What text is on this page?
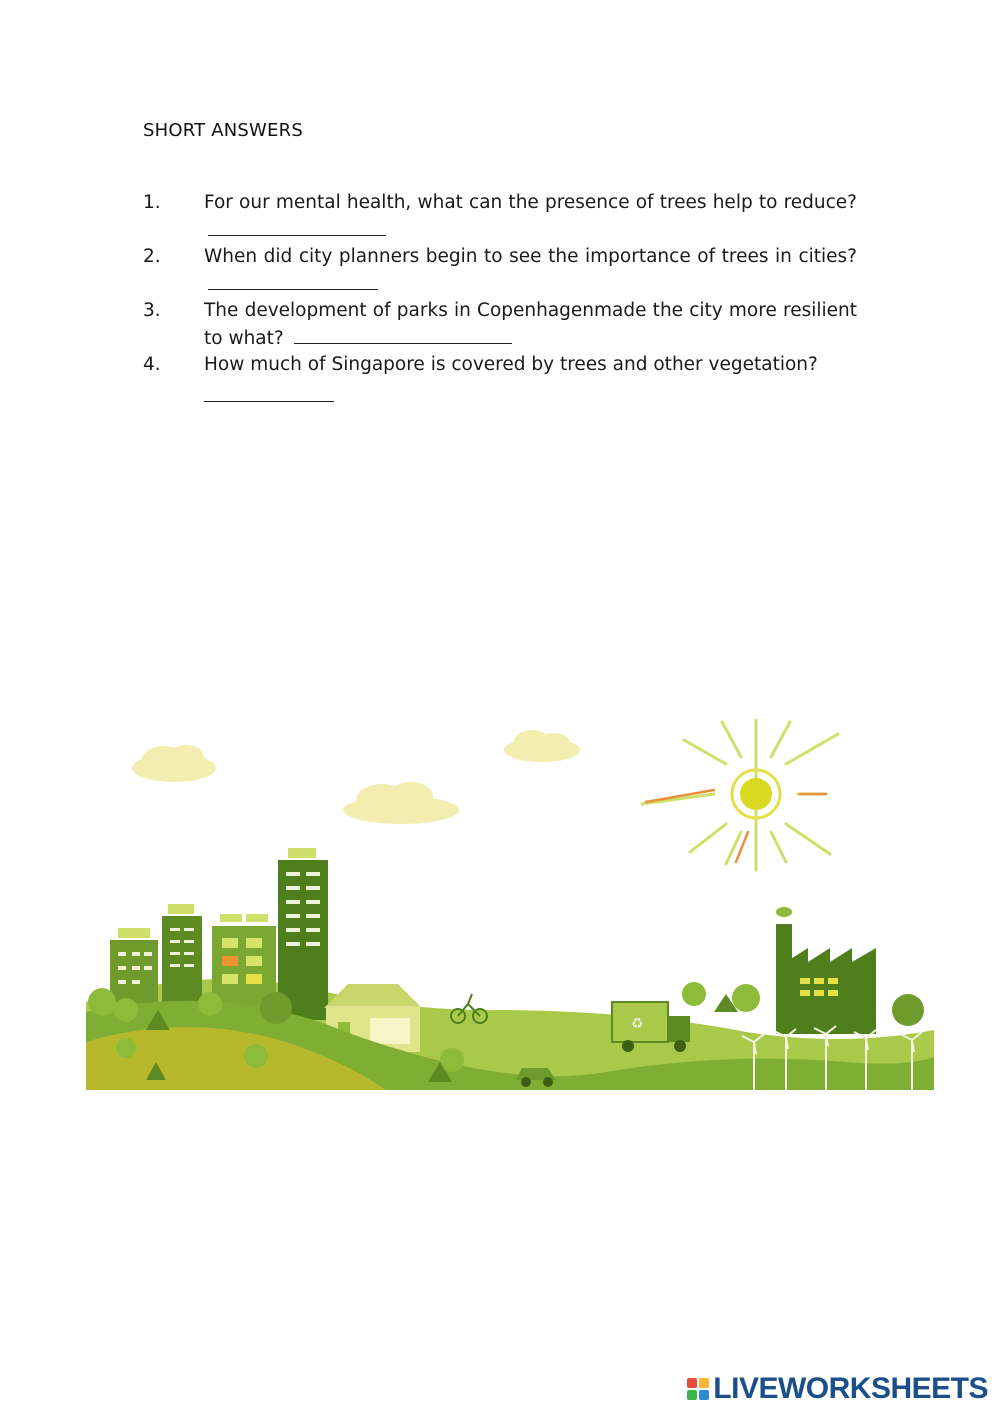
SHORT ANSWERS
1. For our mental health, what can the presence of trees help to reduce?
2. When did city planners begin to see the importance of trees in cities?
3. The development of parks in Copenhagenmade the city more resilient to what?
4. How much of Singapore is covered by trees and other vegetation?
♻
LIVEWORKSHEETS
